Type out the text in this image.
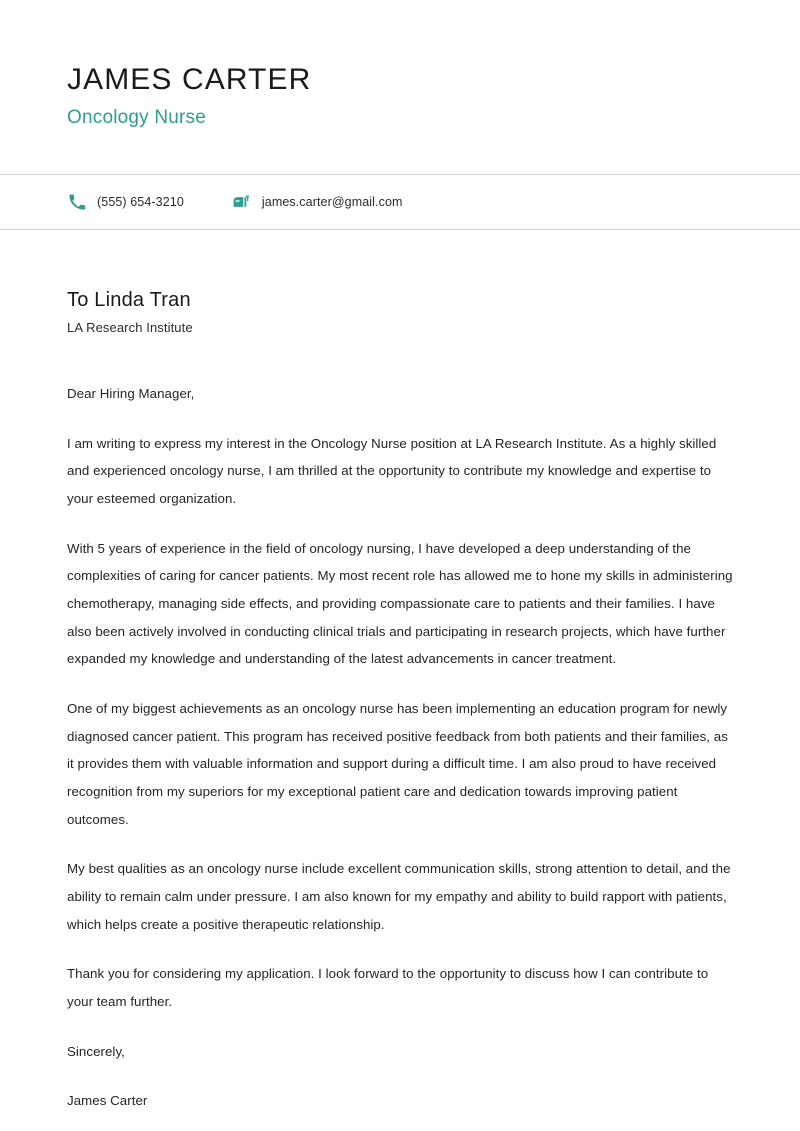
JAMES CARTER
Oncology Nurse
(555) 654-3210	james.carter@gmail.com
To Linda Tran
LA Research Institute

Dear Hiring Manager,

I am writing to express my interest in the Oncology Nurse position at LA Research Institute. As a highly skilled and experienced oncology nurse, I am thrilled at the opportunity to contribute my knowledge and expertise to your esteemed organization.

With 5 years of experience in the field of oncology nursing, I have developed a deep understanding of the complexities of caring for cancer patients. My most recent role has allowed me to hone my skills in administering chemotherapy, managing side effects, and providing compassionate care to patients and their families. I have also been actively involved in conducting clinical trials and participating in research projects, which have further expanded my knowledge and understanding of the latest advancements in cancer treatment.

One of my biggest achievements as an oncology nurse has been implementing an education program for newly diagnosed cancer patient. This program has received positive feedback from both patients and their families, as it provides them with valuable information and support during a difficult time. I am also proud to have received recognition from my superiors for my exceptional patient care and dedication towards improving patient outcomes.

My best qualities as an oncology nurse include excellent communication skills, strong attention to detail, and the ability to remain calm under pressure. I am also known for my empathy and ability to build rapport with patients, which helps create a positive therapeutic relationship.

Thank you for considering my application. I look forward to the opportunity to discuss how I can contribute to your team further.

Sincerely,

James Carter
